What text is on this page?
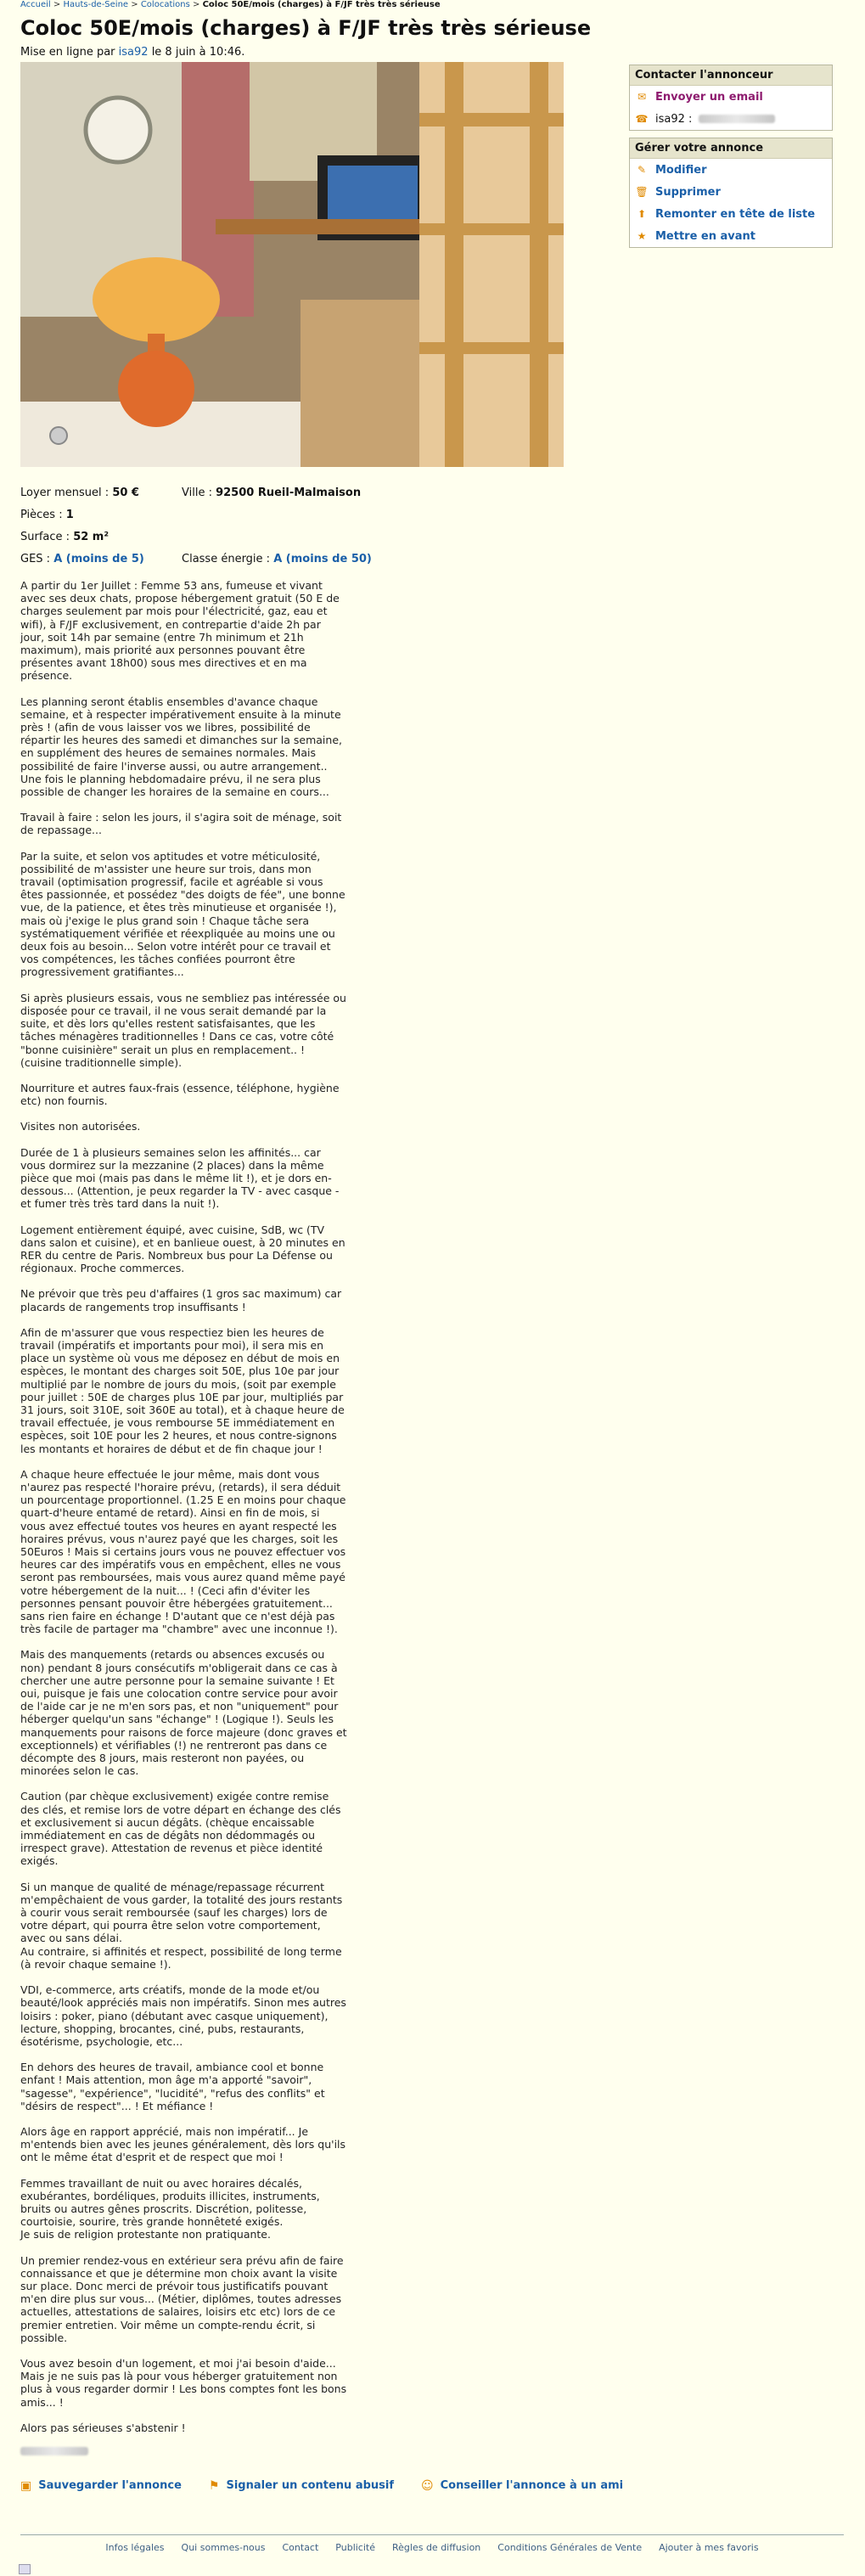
Accueil > Hauts-de-Seine > Colocations > Coloc 50E/mois (charges) à F/JF très très sérieuse
Coloc 50E/mois (charges) à F/JF très très sérieuse
Mise en ligne par isa92 le 8 juin à 10:46.
Loyer mensuel : 50 €	Ville : 92500 Rueil-Malmaison
Pièces :
1
Surface :
52 m²
GES : A (moins de 5)	Classe énergie : A (moins de 50)

A partir du 1er Juillet : Femme 53 ans, fumeuse et vivant avec ses deux chats, propose hébergement gratuit (50 E de charges seulement par mois pour l'électricité, gaz, eau et wifi), à F/JF exclusivement, en contrepartie d'aide 2h par jour, soit 14h par semaine (entre 7h minimum et 21h maximum), mais priorité aux personnes pouvant être présentes avant 18h00) sous mes directives et en ma présence.

Les planning seront établis ensembles d'avance chaque semaine, et à respecter impérativement ensuite à la minute près ! (afin de vous laisser vos we libres, possibilité de répartir les heures des samedi et dimanches sur la semaine, en supplément des heures de semaines normales. Mais possibilité de faire l'inverse aussi, ou autre arrangement.. Une fois le planning hebdomadaire prévu, il ne sera plus possible de changer les horaires de la semaine en cours...

Travail à faire : selon les jours, il s'agira soit de ménage, soit de repassage...

Par la suite, et selon vos aptitudes et votre méticulosité, possibilité de m'assister une heure sur trois, dans mon travail (optimisation progressif, facile et agréable si vous êtes passionnée, et possédez "des doigts de fée", une bonne vue, de la patience, et êtes très minutieuse et organisée !), mais où j'exige le plus grand soin ! Chaque tâche sera systématiquement vérifiée et réexpliquée au moins une ou deux fois au besoin... Selon votre intérêt pour ce travail et vos compétences, les tâches confiées pourront être progressivement gratifiantes...

Si après plusieurs essais, vous ne sembliez pas intéressée ou disposée pour ce travail, il ne vous serait demandé par la suite, et dès lors qu'elles restent satisfaisantes, que les tâches ménagères traditionnelles ! Dans ce cas, votre côté "bonne cuisinière" serait un plus en remplacement.. ! (cuisine traditionnelle simple).

Nourriture et autres faux-frais (essence, téléphone, hygiène etc) non fournis.

Visites non autorisées.

Durée de 1 à plusieurs semaines selon les affinités... car vous dormirez sur la mezzanine (2 places) dans la même pièce que moi (mais pas dans le même lit !), et je dors en-dessous... (Attention, je peux regarder la TV - avec casque - et fumer très très tard dans la nuit !).

Logement entièrement équipé, avec cuisine, SdB, wc (TV dans salon et cuisine), et en banlieue ouest, à 20 minutes en RER du centre de Paris. Nombreux bus pour La Défense ou régionaux. Proche commerces.

Ne prévoir que très peu d'affaires (1 gros sac maximum) car placards de rangements trop insuffisants !

Afin de m'assurer que vous respectiez bien les heures de travail (impératifs et importants pour moi), il sera mis en place un système où vous me déposez en début de mois en espèces, le montant des charges soit 50E, plus 10e par jour multiplié par le nombre de jours du mois, (soit par exemple pour juillet : 50E de charges plus 10E par jour, multipliés par 31 jours, soit 310E, soit 360E au total), et à chaque heure de travail effectuée, je vous rembourse 5E immédiatement en espèces, soit 10E pour les 2 heures, et nous contre-signons les montants et horaires de début et de fin chaque jour !

A chaque heure effectuée le jour même, mais dont vous n'aurez pas respecté l'horaire prévu, (retards), il sera déduit un pourcentage proportionnel. (1.25 E en moins pour chaque quart-d'heure entamé de retard). Ainsi en fin de mois, si vous avez effectué toutes vos heures en ayant respecté les horaires prévus, vous n'aurez payé que les charges, soit les 50Euros ! Mais si certains jours vous ne pouvez effectuer vos heures car des impératifs vous en empêchent, elles ne vous seront pas remboursées, mais vous aurez quand même payé votre hébergement de la nuit... ! (Ceci afin d'éviter les personnes pensant pouvoir être hébergées gratuitement... sans rien faire en échange ! D'autant que ce n'est déjà pas très facile de partager ma "chambre" avec une inconnue !).

Mais des manquements (retards ou absences excusés ou non) pendant 8 jours consécutifs m'obligerait dans ce cas à chercher une autre personne pour la semaine suivante ! Et oui, puisque je fais une colocation contre service pour avoir de l'aide car je ne m'en sors pas, et non "uniquement" pour héberger quelqu'un sans "échange" ! (Logique !). Seuls les manquements pour raisons de force majeure (donc graves et exceptionnels) et vérifiables (!) ne rentreront pas dans ce décompte des 8 jours, mais resteront non payées, ou minorées selon le cas.

Caution (par chèque exclusivement) exigée contre remise des clés, et remise lors de votre départ en échange des clés et exclusivement si aucun dégâts. (chèque encaissable immédiatement en cas de dégâts non dédommagés ou irrespect grave). Attestation de revenus et pièce identité exigés.

Si un manque de qualité de ménage/repassage récurrent m'empêchaient de vous garder, la totalité des jours restants à courir vous serait remboursée (sauf les charges) lors de votre départ, qui pourra être selon votre comportement, avec ou sans délai.
Au contraire, si affinités et respect, possibilité de long terme (à revoir chaque semaine !).

VDI, e-commerce, arts créatifs, monde de la mode et/ou beauté/look appréciés mais non impératifs. Sinon mes autres loisirs : poker, piano (débutant avec casque uniquement), lecture, shopping, brocantes, ciné, pubs, restaurants, ésotérisme, psychologie, etc...

En dehors des heures de travail, ambiance cool et bonne enfant ! Mais attention, mon âge m'a apporté "savoir", "sagesse", "expérience", "lucidité", "refus des conflits" et "désirs de respect"... ! Et méfiance !

Alors âge en rapport apprécié, mais non impératif... Je m'entends bien avec les jeunes généralement, dès lors qu'ils ont le même état d'esprit et de respect que moi !

Femmes travaillant de nuit ou avec horaires décalés, exubérantes, bordéliques, produits illicites, instruments, bruits ou autres gênes proscrits. Discrétion, politesse, courtoisie, sourire, très grande honnêteté exigés.
Je suis de religion protestante non pratiquante.

Un premier rendez-vous en extérieur sera prévu afin de faire connaissance et que je détermine mon choix avant la visite sur place. Donc merci de prévoir tous justificatifs pouvant m'en dire plus sur vous... (Métier, diplômes, toutes adresses actuelles, attestations de salaires, loisirs etc etc) lors de ce premier entretien. Voir même un compte-rendu écrit, si possible.

Vous avez besoin d'un logement, et moi j'ai besoin d'aide... Mais je ne suis pas là pour vous héberger gratuitement non plus à vous regarder dormir ! Les bons comptes font les bons amis... !

Alors pas sérieuses s'abstenir !

▣ Sauvegarder l'annonce ⚑ Signaler un contenu abusif ☺ Conseiller l'annonce à un ami
Contacter l'annonceur
✉ Envoyer un email
☎ isa92 :
Gérer votre annonce
✎ Modifier
🗑 Supprimer
⬆ Remonter en tête de liste
★ Mettre en avant
Infos légales Qui sommes-nous Contact Publicité Règles de diffusion Conditions Générales de Vente Ajouter à mes favoris
